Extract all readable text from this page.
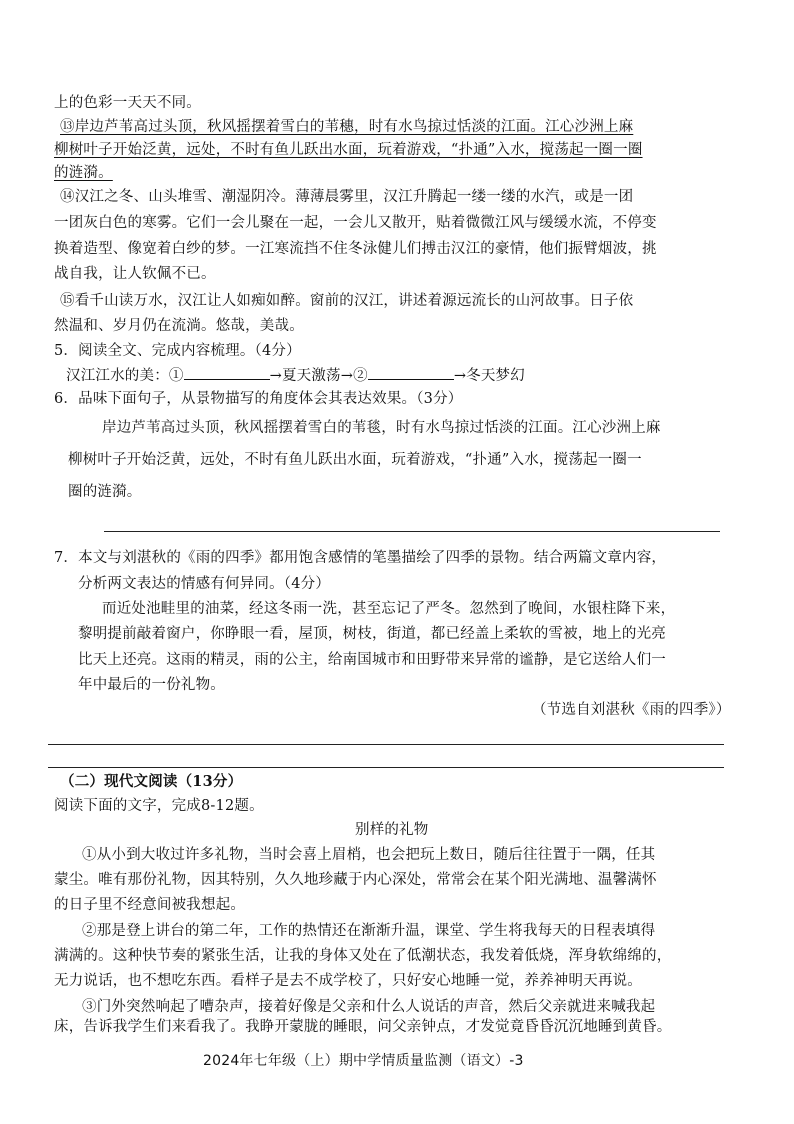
上的色彩一天天不同。
⑬岸边芦苇高过头顶，秋风摇摆着雪白的苇穗，时有水鸟掠过恬淡的江面。江心沙洲上麻
柳树叶子开始泛黄，远处，不时有鱼儿跃出水面，玩着游戏，“扑通”入水，搅荡起一圈一圈
的涟漪。
⑭汉江之冬、山头堆雪、潮湿阴冷。薄薄晨雾里，汉江升腾起一缕一缕的水汽，或是一团
一团灰白色的寒雾。它们一会儿聚在一起，一会儿又散开，贴着微微江风与缓缓水流，不停变
换着造型、像宽着白纱的梦。一江寒流挡不住冬泳健儿们搏击汉江的豪情，他们振臂烟波，挑
战自我，让人钦佩不已。
⑮看千山读万水，汉江让人如痴如醉。窗前的汉江，讲述着源远流长的山河故事。日子依
然温和、岁月仍在流淌。悠哉，美哉。
5．阅读全文、完成内容梳理。（4分）
汉江江水的美：①	→夏天激荡→②	→冬天梦幻
6．品味下面句子，从景物描写的角度体会其表达效果。（3分）
岸边芦苇高过头顶，秋风摇摆着雪白的苇毯，时有水鸟掠过恬淡的江面。江心沙洲上麻
柳树叶子开始泛黄，远处，不时有鱼儿跃出水面，玩着游戏，“扑通”入水，搅荡起一圈一
圈的涟漪。
7．本文与刘湛秋的《雨的四季》都用饱含感情的笔墨描绘了四季的景物。结合两篇文章内容，
分析两文表达的情感有何异同。（4分）
而近处池畦里的油菜，经这冬雨一洗，甚至忘记了严冬。忽然到了晚间，水银柱降下来，
黎明提前敲着窗户，你睁眼一看，屋顶，树枝，街道，都已经盖上柔软的雪被，地上的光亮
比天上还亮。这雨的精灵，雨的公主，给南国城市和田野带来异常的谧静，是它送给人们一
年中最后的一份礼物。
（节选自刘湛秋《雨的四季》）
（二）现代文阅读（13分）
阅读下面的文字，完成8-12题。
别样的礼物
①从小到大收过许多礼物，当时会喜上眉梢，也会把玩上数日，随后往往置于一隅，任其
蒙尘。唯有那份礼物，因其特别，久久地珍藏于内心深处，常常会在某个阳光满地、温馨满怀
的日子里不经意间被我想起。
②那是登上讲台的第二年，工作的热情还在渐渐升温，课堂、学生将我每天的日程表填得
满满的。这种快节奏的紧张生活，让我的身体又处在了低潮状态，我发着低烧，浑身软绵绵的，
无力说话，也不想吃东西。看样子是去不成学校了，只好安心地睡一觉，养养神明天再说。
③门外突然响起了嘈杂声，接着好像是父亲和什么人说话的声音，然后父亲就进来喊我起
床，告诉我学生们来看我了。我睁开蒙胧的睡眼，问父亲钟点，才发觉竟昏昏沉沉地睡到黄昏。
2024年七年级（上）期中学情质量监测（语文）-3
